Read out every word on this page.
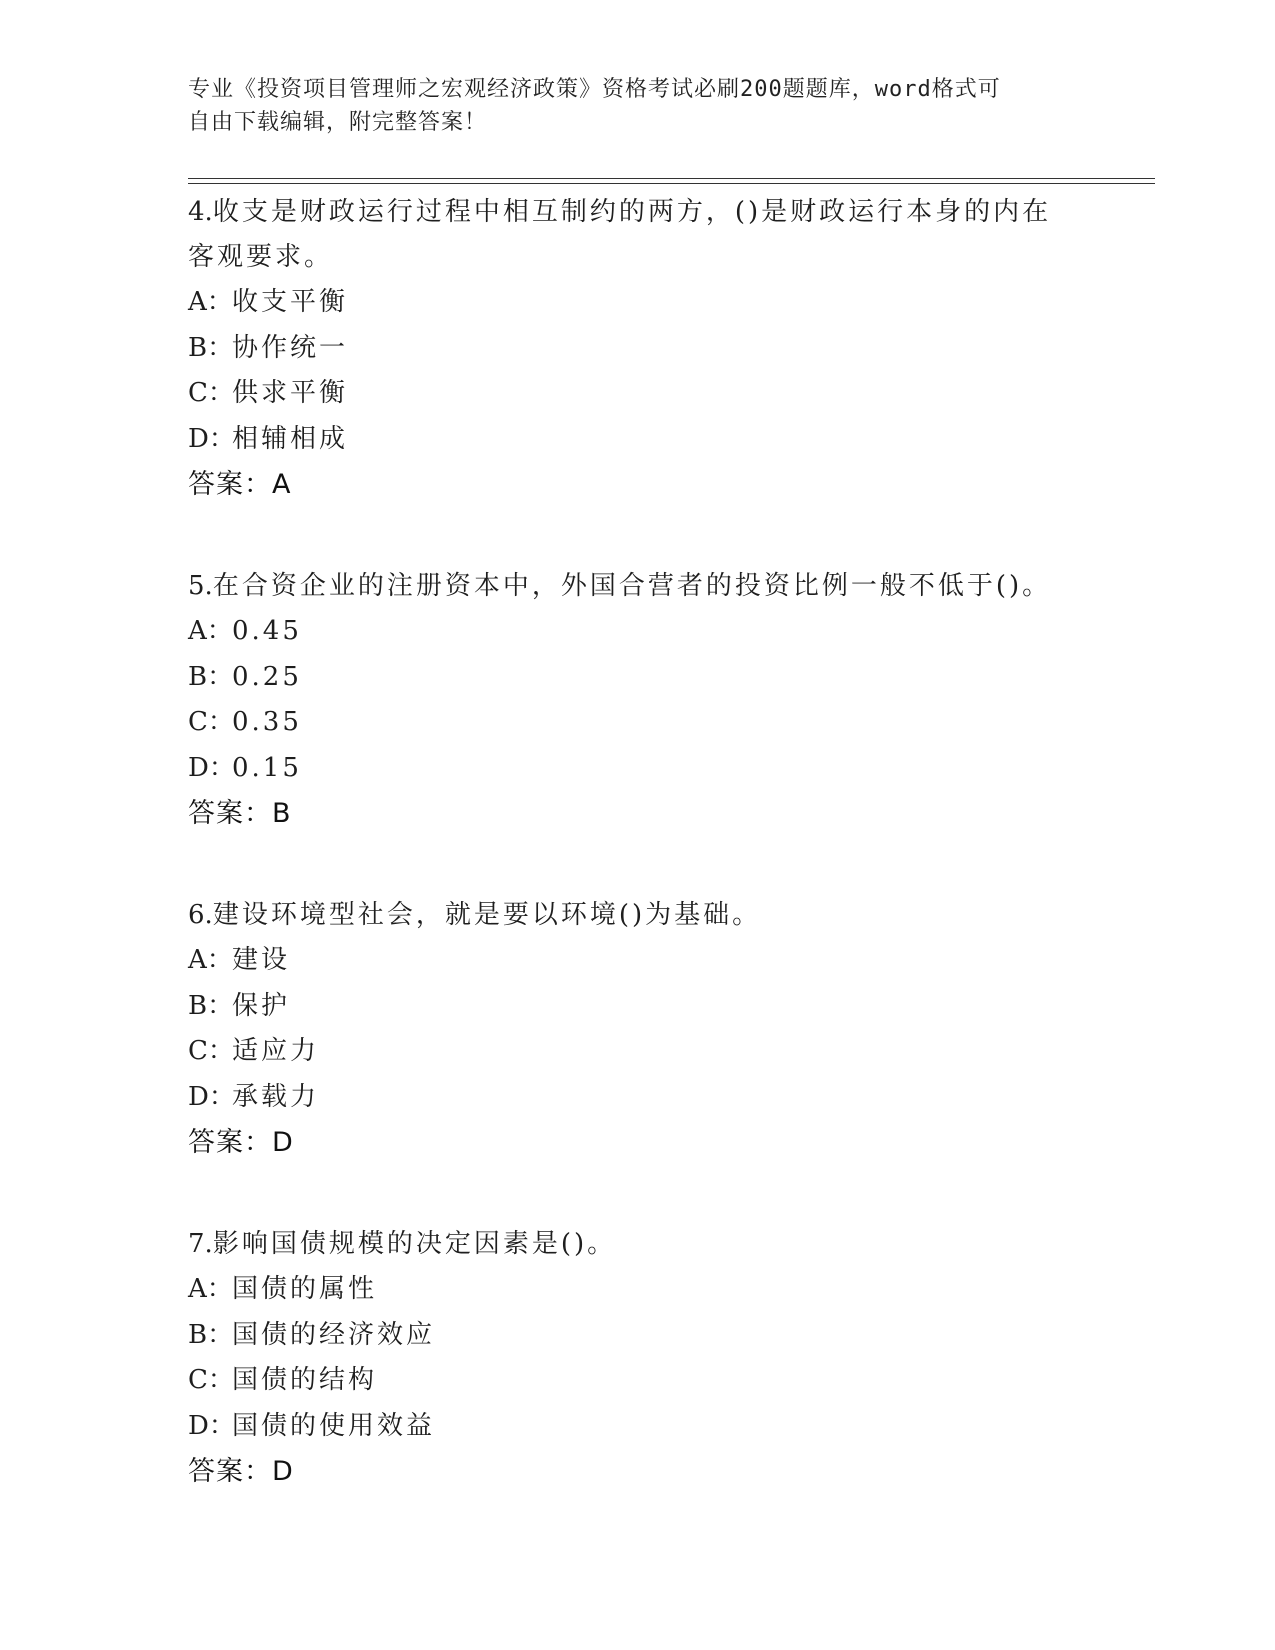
专业《投资项目管理师之宏观经济政策》资格考试必刷200题题库，word格式可
自由下载编辑，附完整答案！
4.收支是财政运行过程中相互制约的两方，()是财政运行本身的内在客观要求。
A：收支平衡
B：协作统一
C：供求平衡
D：相辅相成
答案：A
5.在合资企业的注册资本中，外国合营者的投资比例一般不低于()。
A：0.45
B：0.25
C：0.35
D：0.15
答案：B
6.建设环境型社会，就是要以环境()为基础。
A：建设
B：保护
C：适应力
D：承载力
答案：D
7.影响国债规模的决定因素是()。
A：国债的属性
B：国债的经济效应
C：国债的结构
D：国债的使用效益
答案：D
